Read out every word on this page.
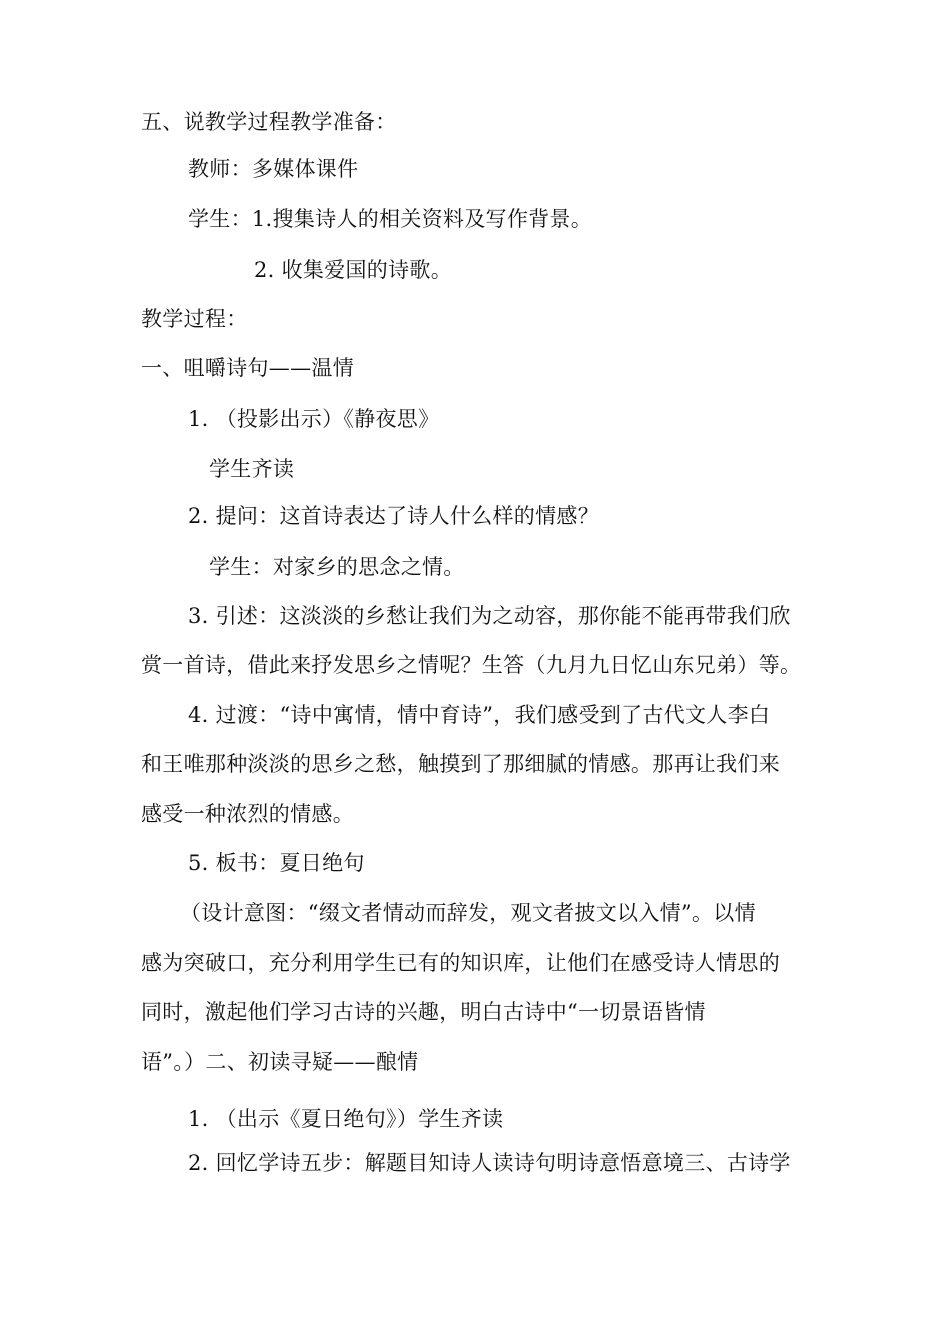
五、说教学过程教学准备：
教师：多媒体课件
学生：1.搜集诗人的相关资料及写作背景。
2. 收集爱国的诗歌。
教学过程：
一、咀嚼诗句——温情
1. （投影出示）《静夜思》
学生齐读
2. 提问：这首诗表达了诗人什么样的情感？
学生：对家乡的思念之情。
3. 引述：这淡淡的乡愁让我们为之动容，那你能不能再带我们欣
赏一首诗，借此来抒发思乡之情呢？生答（九月九日忆山东兄弟）等。
4. 过渡：“诗中寓情，情中育诗”，我们感受到了古代文人李白
和王唯那种淡淡的思乡之愁，触摸到了那细腻的情感。那再让我们来
感受一种浓烈的情感。
5. 板书：夏日绝句
（设计意图：“缀文者情动而辞发，观文者披文以入情”。以情
感为突破口，充分利用学生已有的知识库，让他们在感受诗人情思的
同时，激起他们学习古诗的兴趣，明白古诗中“一切景语皆情
语”。）二、初读寻疑——酿情
1. （出示《夏日绝句》）学生齐读
2. 回忆学诗五步：解题目知诗人读诗句明诗意悟意境三、古诗学
